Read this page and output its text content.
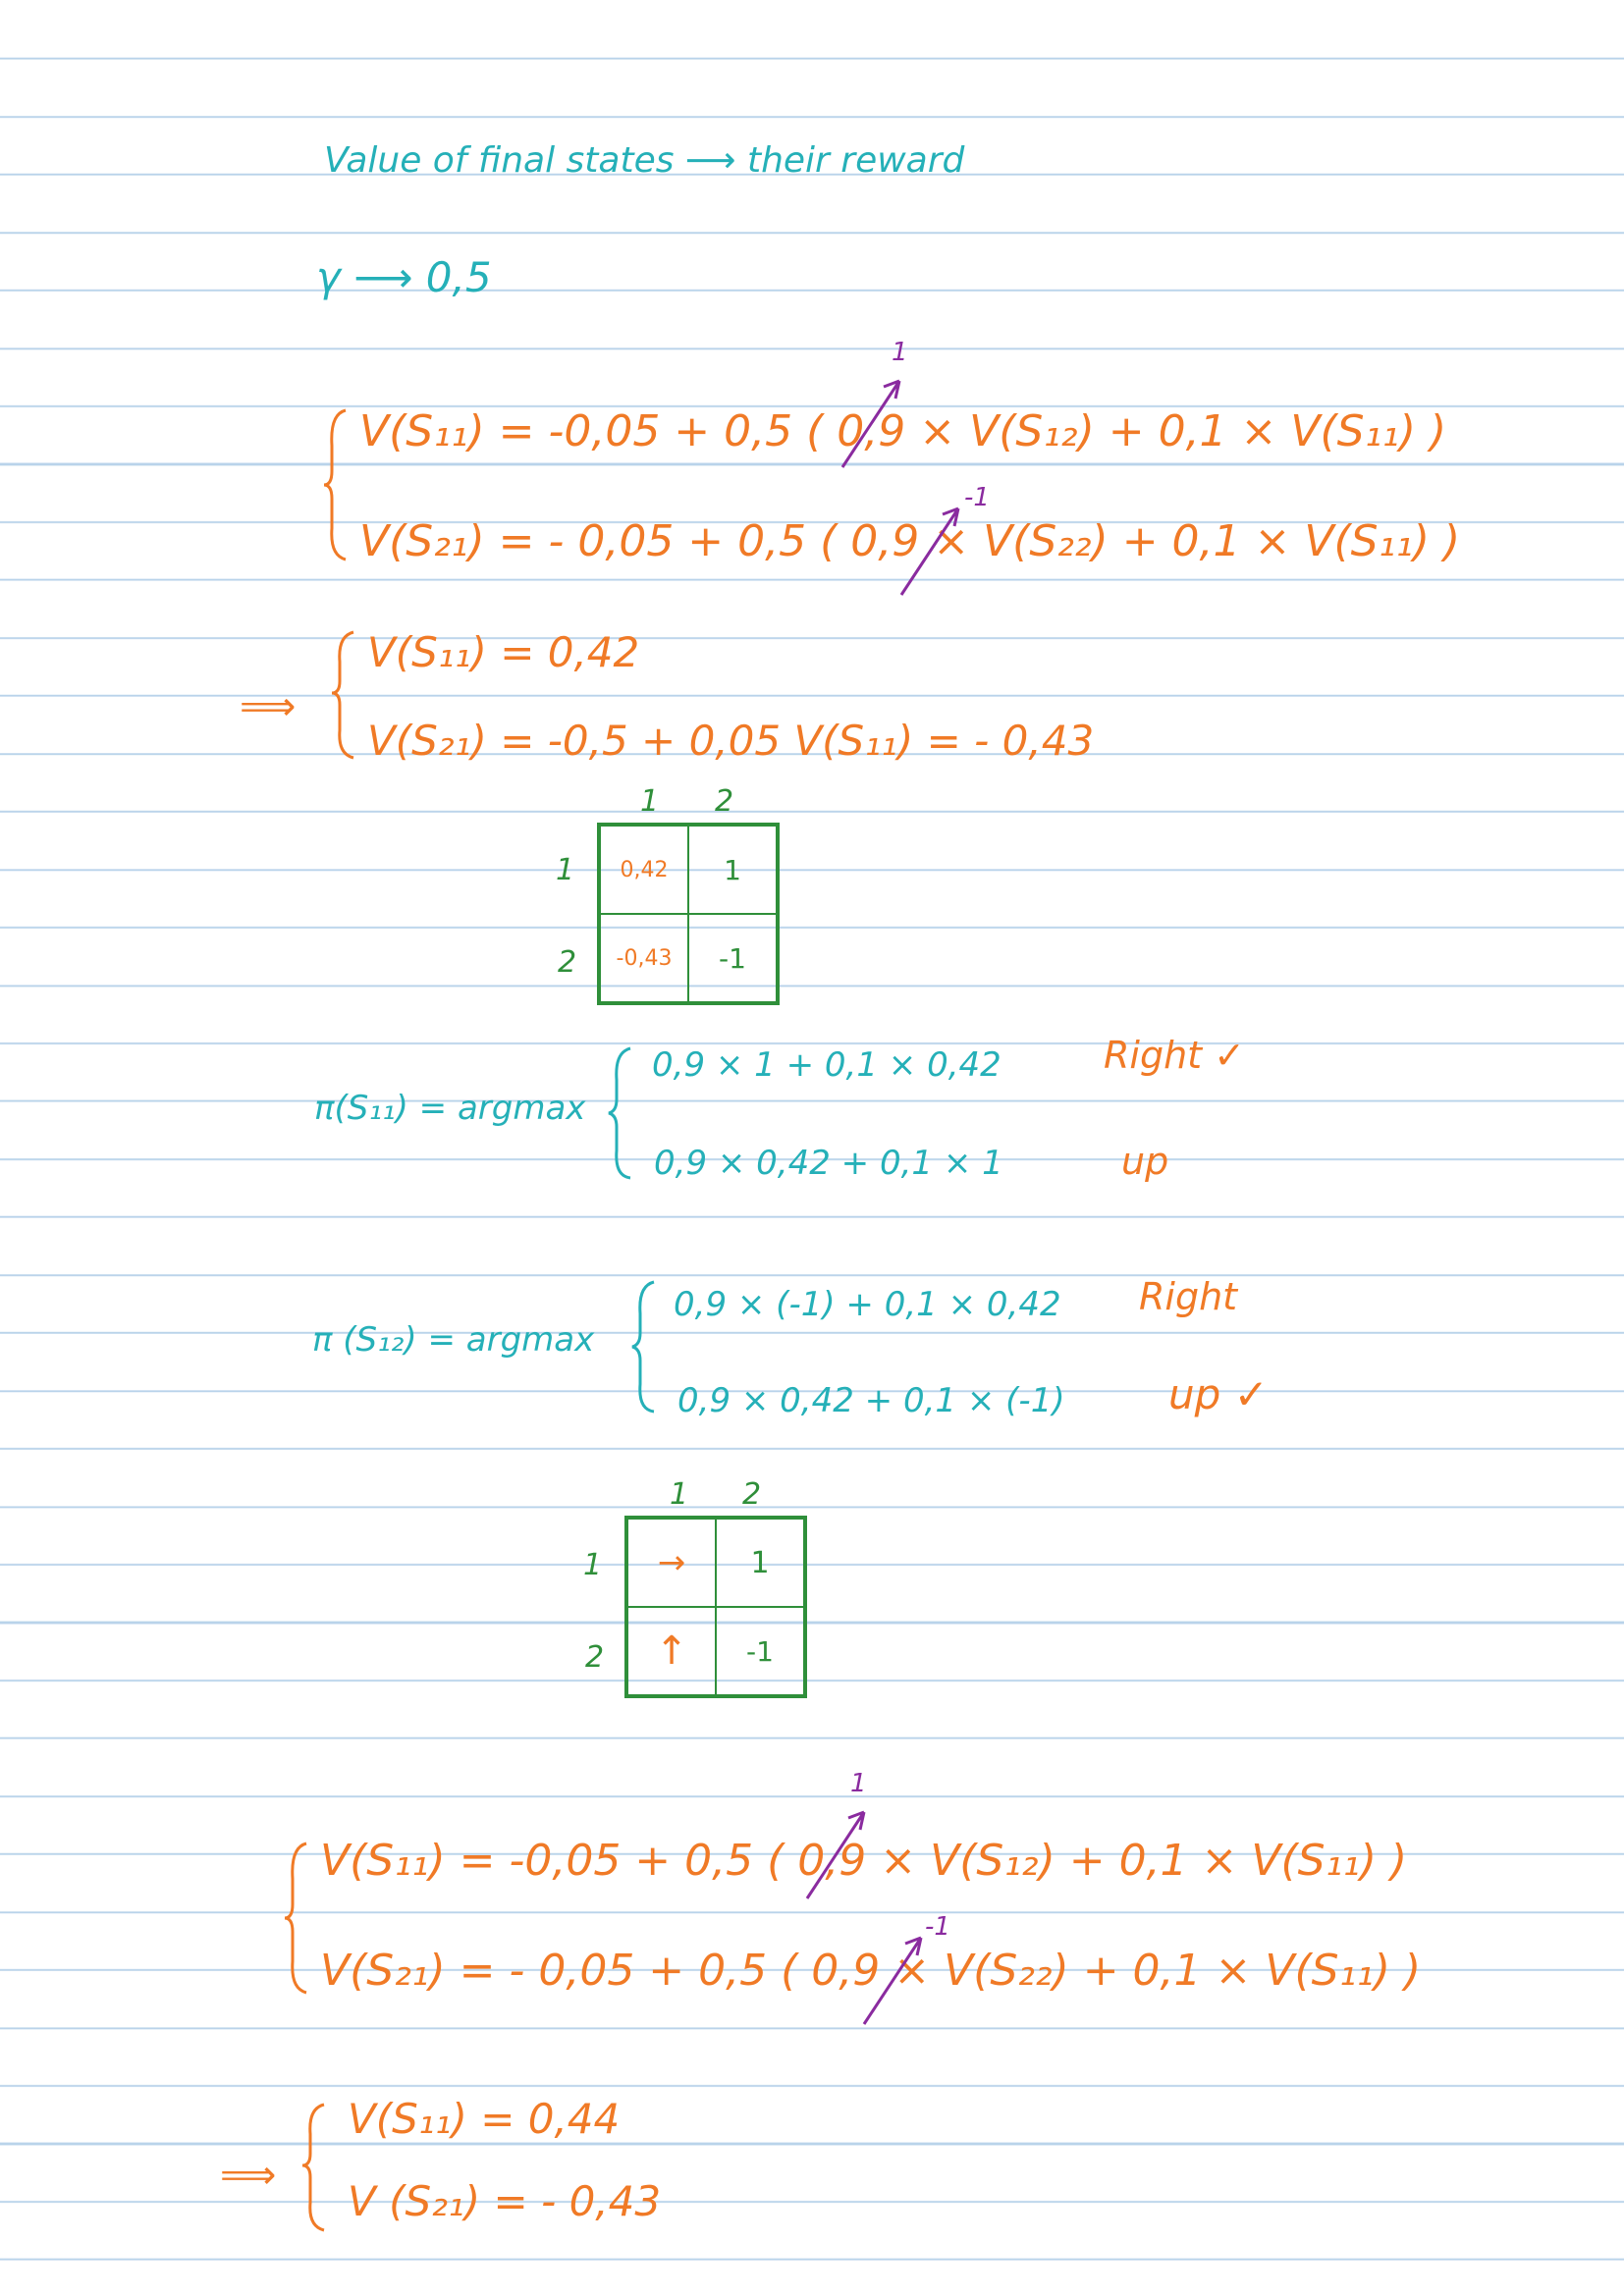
Value of final states ⟶ their reward
γ ⟶ 0,5
1
-1
V(S₁₁) = -0,05 + 0,5 ( 0,9 × V(S₁₂) + 0,1 × V(S₁₁) )
V(S₂₁) = - 0,05 + 0,5 ( 0,9 × V(S₂₂) + 0,1 × V(S₁₁) )
⟹
V(S₁₁) = 0,42
V(S₂₁) = -0,5 + 0,05 V(S₁₁) = - 0,43
1 2
1
2
0,42	1
-0,43	-1
π(S₁₁) = argmax
0,9 × 1 + 0,1 × 0,42	Right ✓
0,9 × 0,42 + 0,1 × 1	up
π (S₁₂) = argmax
0,9 × (-1) + 0,1 × 0,42 Right
0,9 × 0,42 + 0,1 × (-1)	up ✓
1 2
1
2
→	1
↑	-1
1
-1
V(S₁₁) = -0,05 + 0,5 ( 0,9 × V(S₁₂) + 0,1 × V(S₁₁) )
V(S₂₁) = - 0,05 + 0,5 ( 0,9 × V(S₂₂) + 0,1 × V(S₁₁) )
⟹
V(S₁₁) = 0,44
V (S₂₁) = - 0,43
